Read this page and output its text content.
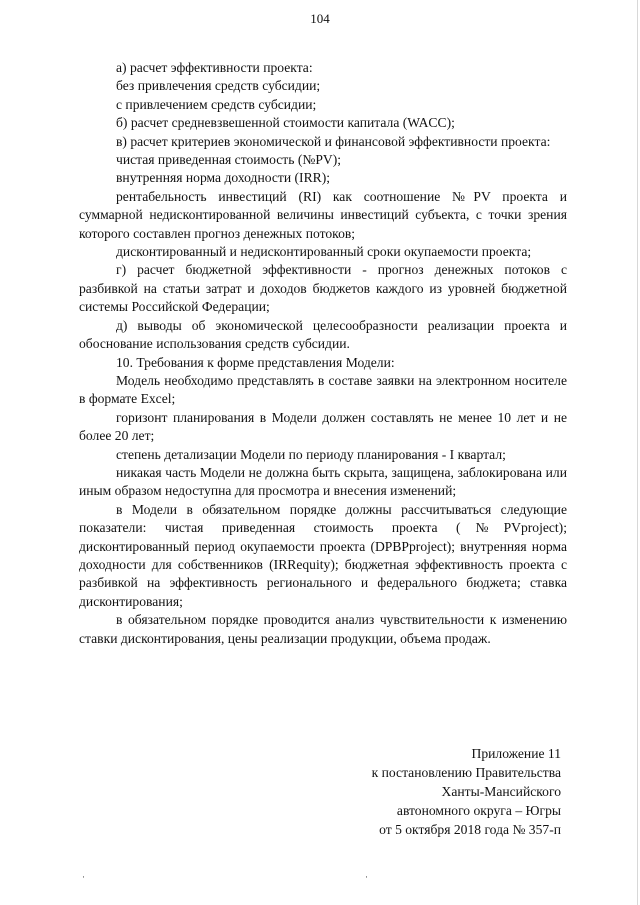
104

а) расчет эффективности проекта:

без привлечения средств субсидии;

с привлечением средств субсидии;

б) расчет средневзвешенной стоимости капитала (WACC);

в) расчет критериев экономической и финансовой эффективности проекта:

чистая приведенная стоимость (№PV);

внутренняя норма доходности (IRR);

рентабельность инвестиций (RI) как соотношение №PV проекта и суммарной недисконтированной величины инвестиций субъекта, с точки зрения которого составлен прогноз денежных потоков;

дисконтированный и недисконтированный сроки окупаемости проекта;

г) расчет бюджетной эффективности - прогноз денежных потоков с разбивкой на статьи затрат и доходов бюджетов каждого из уровней бюджетной системы Российской Федерации;

д) выводы об экономической целесообразности реализации проекта и обоснование использования средств субсидии.

10. Требования к форме представления Модели:

Модель необходимо представлять в составе заявки на электронном носителе в формате Excel;

горизонт планирования в Модели должен составлять не менее 10 лет и не более 20 лет;

степень детализации Модели по периоду планирования - I квартал;

никакая часть Модели не должна быть скрыта, защищена, заблокирована или иным образом недоступна для просмотра и внесения изменений;

в Модели в обязательном порядке должны рассчитываться следующие показатели: чистая приведенная стоимость проекта (№PVproject); дисконтированный период окупаемости проекта (DPBPproject); внутренняя норма доходности для собственников (IRRequity); бюджетная эффективность проекта с разбивкой на эффективность регионального и федерального бюджета; ставка дисконтирования;

в обязательном порядке проводится анализ чувствительности к изменению ставки дисконтирования, цены реализации продукции, объема продаж.

Приложение 11
к постановлению Правительства
Ханты-Мансийского
автономного округа – Югры
от 5 октября 2018 года № 357-п
·	·
